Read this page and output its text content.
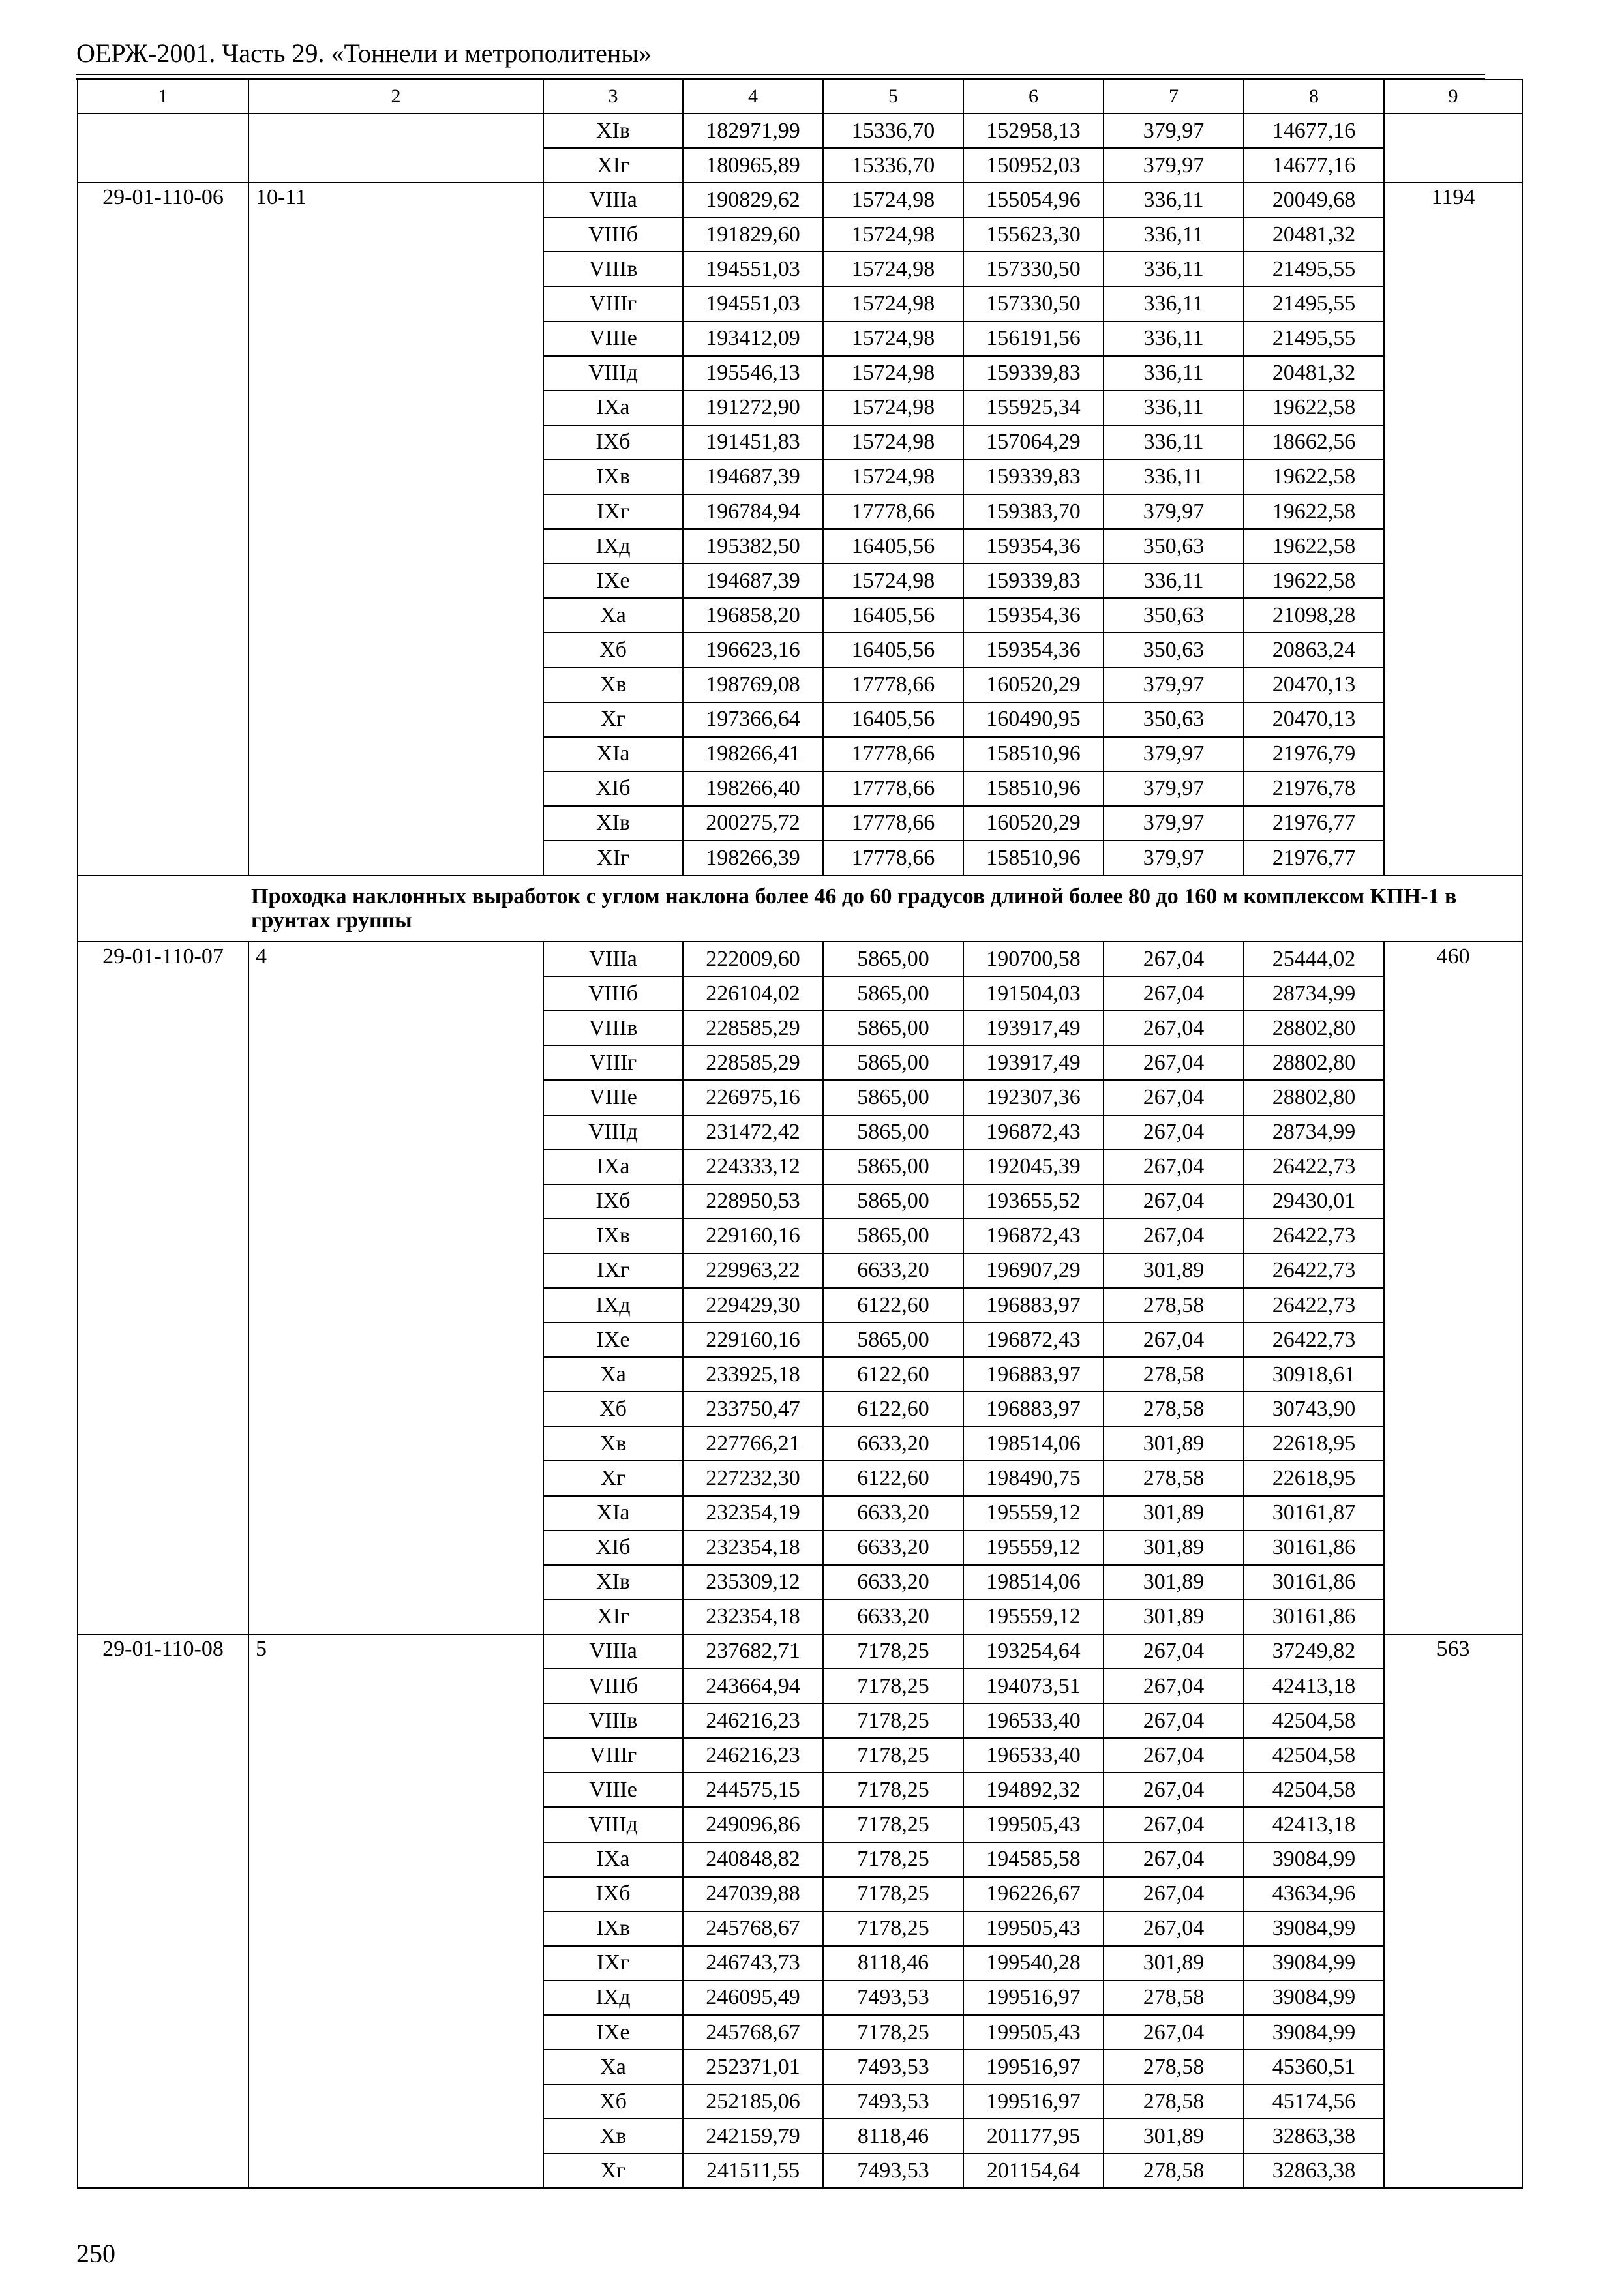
ОЕРЖ-2001. Часть 29. «Тоннели и метрополитены»
1	2	3	4	5	6	7	8	9
		XIв	182971,99	15336,70	152958,13	379,97	14677,16	
		XIг	180965,89	15336,70	150952,03	379,97	14677,16	
29-01-110-06	10-11	VIIIа	190829,62	15724,98	155054,96	336,11	20049,68	1194
		VIIIб	191829,60	15724,98	155623,30	336,11	20481,32	
		VIIIв	194551,03	15724,98	157330,50	336,11	21495,55	
		VIIIг	194551,03	15724,98	157330,50	336,11	21495,55	
		VIIIе	193412,09	15724,98	156191,56	336,11	21495,55	
		VIIIд	195546,13	15724,98	159339,83	336,11	20481,32	
		IXа	191272,90	15724,98	155925,34	336,11	19622,58	
		IXб	191451,83	15724,98	157064,29	336,11	18662,56	
		IXв	194687,39	15724,98	159339,83	336,11	19622,58	
		IXг	196784,94	17778,66	159383,70	379,97	19622,58	
		IXд	195382,50	16405,56	159354,36	350,63	19622,58	
		IXе	194687,39	15724,98	159339,83	336,11	19622,58	
		Xа	196858,20	16405,56	159354,36	350,63	21098,28	
		Xб	196623,16	16405,56	159354,36	350,63	20863,24	
		Xв	198769,08	17778,66	160520,29	379,97	20470,13	
		Xг	197366,64	16405,56	160490,95	350,63	20470,13	
		XIа	198266,41	17778,66	158510,96	379,97	21976,79	
		XIб	198266,40	17778,66	158510,96	379,97	21976,78	
		XIв	200275,72	17778,66	160520,29	379,97	21976,77	
		XIг	198266,39	17778,66	158510,96	379,97	21976,77	
Проходка наклонных выработок с углом наклона более 46 до 60 градусов длиной более 80 до 160 м комплексом КПН-1 в грунтах группы								
29-01-110-07	4	VIIIа	222009,60	5865,00	190700,58	267,04	25444,02	460
		VIIIб	226104,02	5865,00	191504,03	267,04	28734,99	
		VIIIв	228585,29	5865,00	193917,49	267,04	28802,80	
		VIIIг	228585,29	5865,00	193917,49	267,04	28802,80	
		VIIIе	226975,16	5865,00	192307,36	267,04	28802,80	
		VIIIд	231472,42	5865,00	196872,43	267,04	28734,99	
		IXа	224333,12	5865,00	192045,39	267,04	26422,73	
		IXб	228950,53	5865,00	193655,52	267,04	29430,01	
		IXв	229160,16	5865,00	196872,43	267,04	26422,73	
		IXг	229963,22	6633,20	196907,29	301,89	26422,73	
		IXд	229429,30	6122,60	196883,97	278,58	26422,73	
		IXе	229160,16	5865,00	196872,43	267,04	26422,73	
		Xа	233925,18	6122,60	196883,97	278,58	30918,61	
		Xб	233750,47	6122,60	196883,97	278,58	30743,90	
		Xв	227766,21	6633,20	198514,06	301,89	22618,95	
		Xг	227232,30	6122,60	198490,75	278,58	22618,95	
		XIа	232354,19	6633,20	195559,12	301,89	30161,87	
		XIб	232354,18	6633,20	195559,12	301,89	30161,86	
		XIв	235309,12	6633,20	198514,06	301,89	30161,86	
		XIг	232354,18	6633,20	195559,12	301,89	30161,86	
29-01-110-08	5	VIIIа	237682,71	7178,25	193254,64	267,04	37249,82	563
		VIIIб	243664,94	7178,25	194073,51	267,04	42413,18	
		VIIIв	246216,23	7178,25	196533,40	267,04	42504,58	
		VIIIг	246216,23	7178,25	196533,40	267,04	42504,58	
		VIIIе	244575,15	7178,25	194892,32	267,04	42504,58	
		VIIIд	249096,86	7178,25	199505,43	267,04	42413,18	
		IXа	240848,82	7178,25	194585,58	267,04	39084,99	
		IXб	247039,88	7178,25	196226,67	267,04	43634,96	
		IXв	245768,67	7178,25	199505,43	267,04	39084,99	
		IXг	246743,73	8118,46	199540,28	301,89	39084,99	
		IXд	246095,49	7493,53	199516,97	278,58	39084,99	
		IXе	245768,67	7178,25	199505,43	267,04	39084,99	
		Xа	252371,01	7493,53	199516,97	278,58	45360,51	
		Xб	252185,06	7493,53	199516,97	278,58	45174,56	
		Xв	242159,79	8118,46	201177,95	301,89	32863,38	
		Xг	241511,55	7493,53	201154,64	278,58	32863,38	
250
